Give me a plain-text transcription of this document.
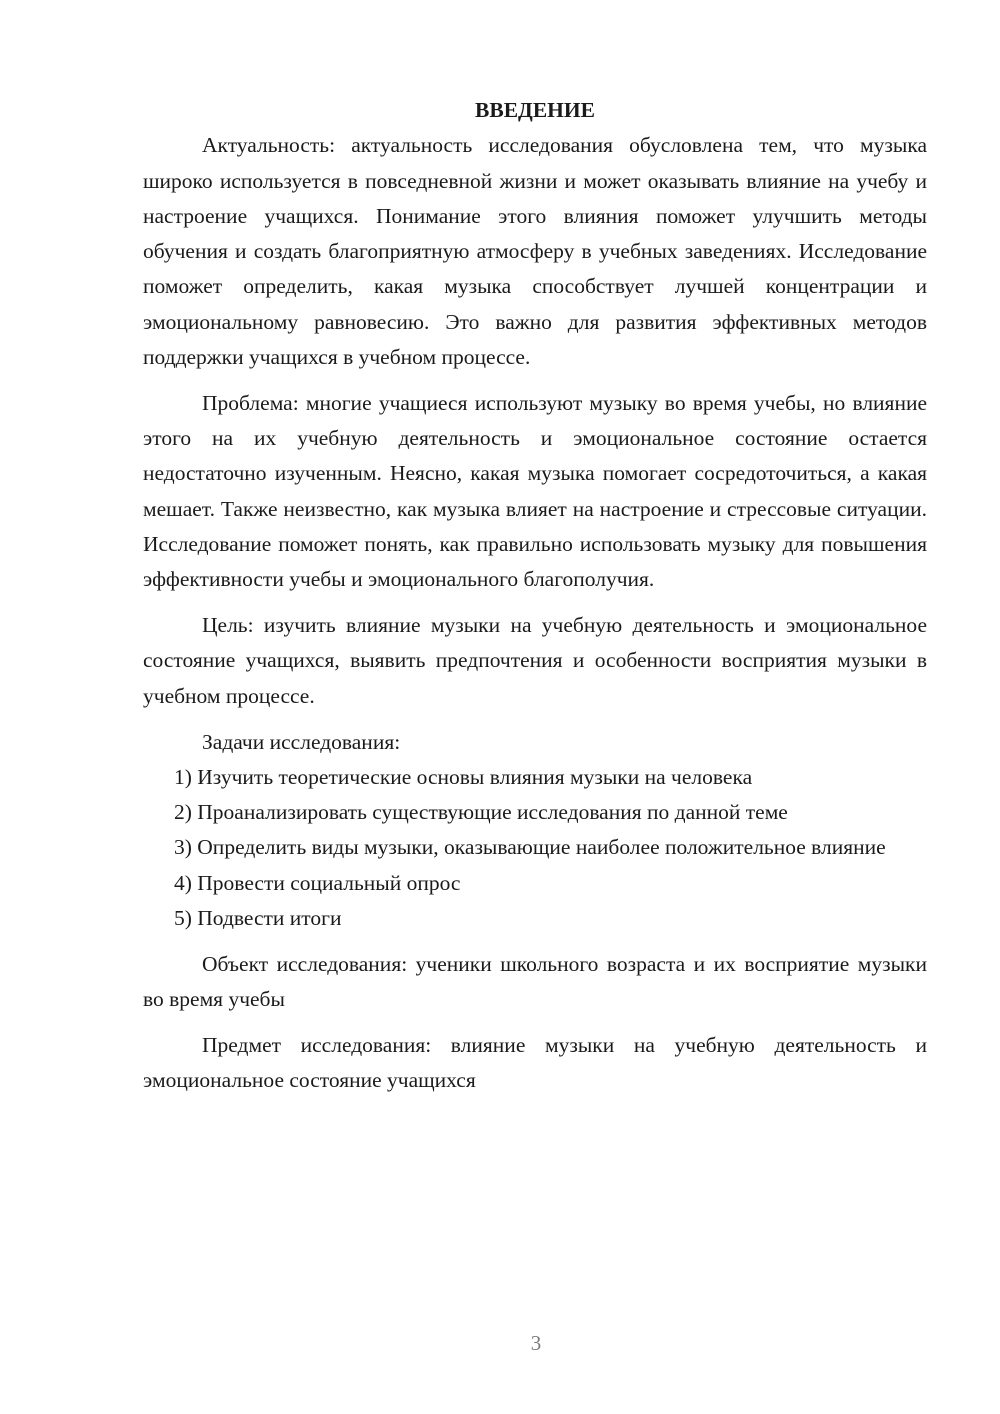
ВВЕДЕНИЕ

Актуальность: актуальность исследования обусловлена тем, что музыка широко используется в повседневной жизни и может оказывать влияние на учебу и настроение учащихся. Понимание этого влияния поможет улучшить методы обучения и создать благоприятную атмосферу в учебных заведениях. Исследование поможет определить, какая музыка способствует лучшей концентрации и эмоциональному равновесию. Это важно для развития эффективных методов поддержки учащихся в учебном процессе.

Проблема: многие учащиеся используют музыку во время учебы, но влияние этого на их учебную деятельность и эмоциональное состояние остается недостаточно изученным. Неясно, какая музыка помогает сосредоточиться, а какая мешает. Также неизвестно, как музыка влияет на настроение и стрессовые ситуации. Исследование поможет понять, как правильно использовать музыку для повышения эффективности учебы и эмоционального благополучия.

Цель: изучить влияние музыки на учебную деятельность и эмоциональное состояние учащихся, выявить предпочтения и особенности восприятия музыки в учебном процессе.

Задачи исследования:

1) Изучить теоретические основы влияния музыки на человека

2) Проанализировать существующие исследования по данной теме

3) Определить виды музыки, оказывающие наиболее положительное влияние

4) Провести социальный опрос

5) Подвести итоги

Объект исследования: ученики школьного возраста и их восприятие музыки во время учебы

Предмет исследования: влияние музыки на учебную деятельность и эмоциональное состояние учащихся

3
